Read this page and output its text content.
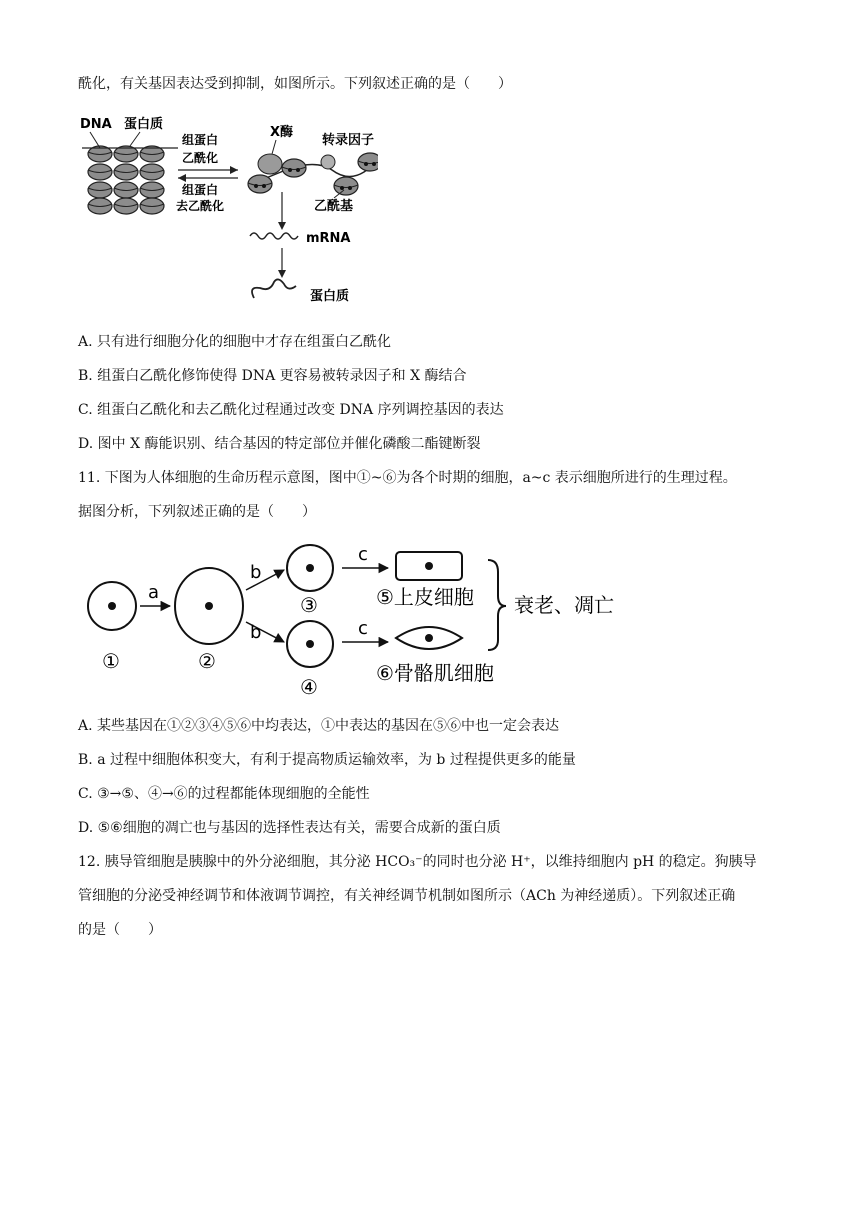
酰化，有关基因表达受到抑制，如图所示。下列叙述正确的是（　　）
DNA 蛋白质
组蛋白
乙酰化
组蛋白
去乙酰化
X酶
转录因子
乙酰基
mRNA
蛋白质
A. 只有进行细胞分化的细胞中才存在组蛋白乙酰化
B. 组蛋白乙酰化修饰使得 DNA 更容易被转录因子和 X 酶结合
C. 组蛋白乙酰化和去乙酰化过程通过改变 DNA 序列调控基因的表达
D. 图中 X 酶能识别、结合基因的特定部位并催化磷酸二酯键断裂
11. 下图为人体细胞的生命历程示意图，图中①~⑥为各个时期的细胞，a~c 表示细胞所进行的生理过程。
据图分析，下列叙述正确的是（　　）
①
a
②
b
b
③
④
c
c
⑤上皮细胞
⑥骨骼肌细胞
衰老、凋亡
A. 某些基因在①②③④⑤⑥中均表达，①中表达的基因在⑤⑥中也一定会表达
B. a 过程中细胞体积变大，有利于提高物质运输效率，为 b 过程提供更多的能量
C. ③→⑤、④→⑥的过程都能体现细胞的全能性
D. ⑤⑥细胞的凋亡也与基因的选择性表达有关，需要合成新的蛋白质
12. 胰导管细胞是胰腺中的外分泌细胞，其分泌 HCO₃⁻的同时也分泌 H⁺，以维持细胞内 pH 的稳定。狗胰导
管细胞的分泌受神经调节和体液调节调控，有关神经调节机制如图所示（ACh 为神经递质）。下列叙述正确
的是（　　）
